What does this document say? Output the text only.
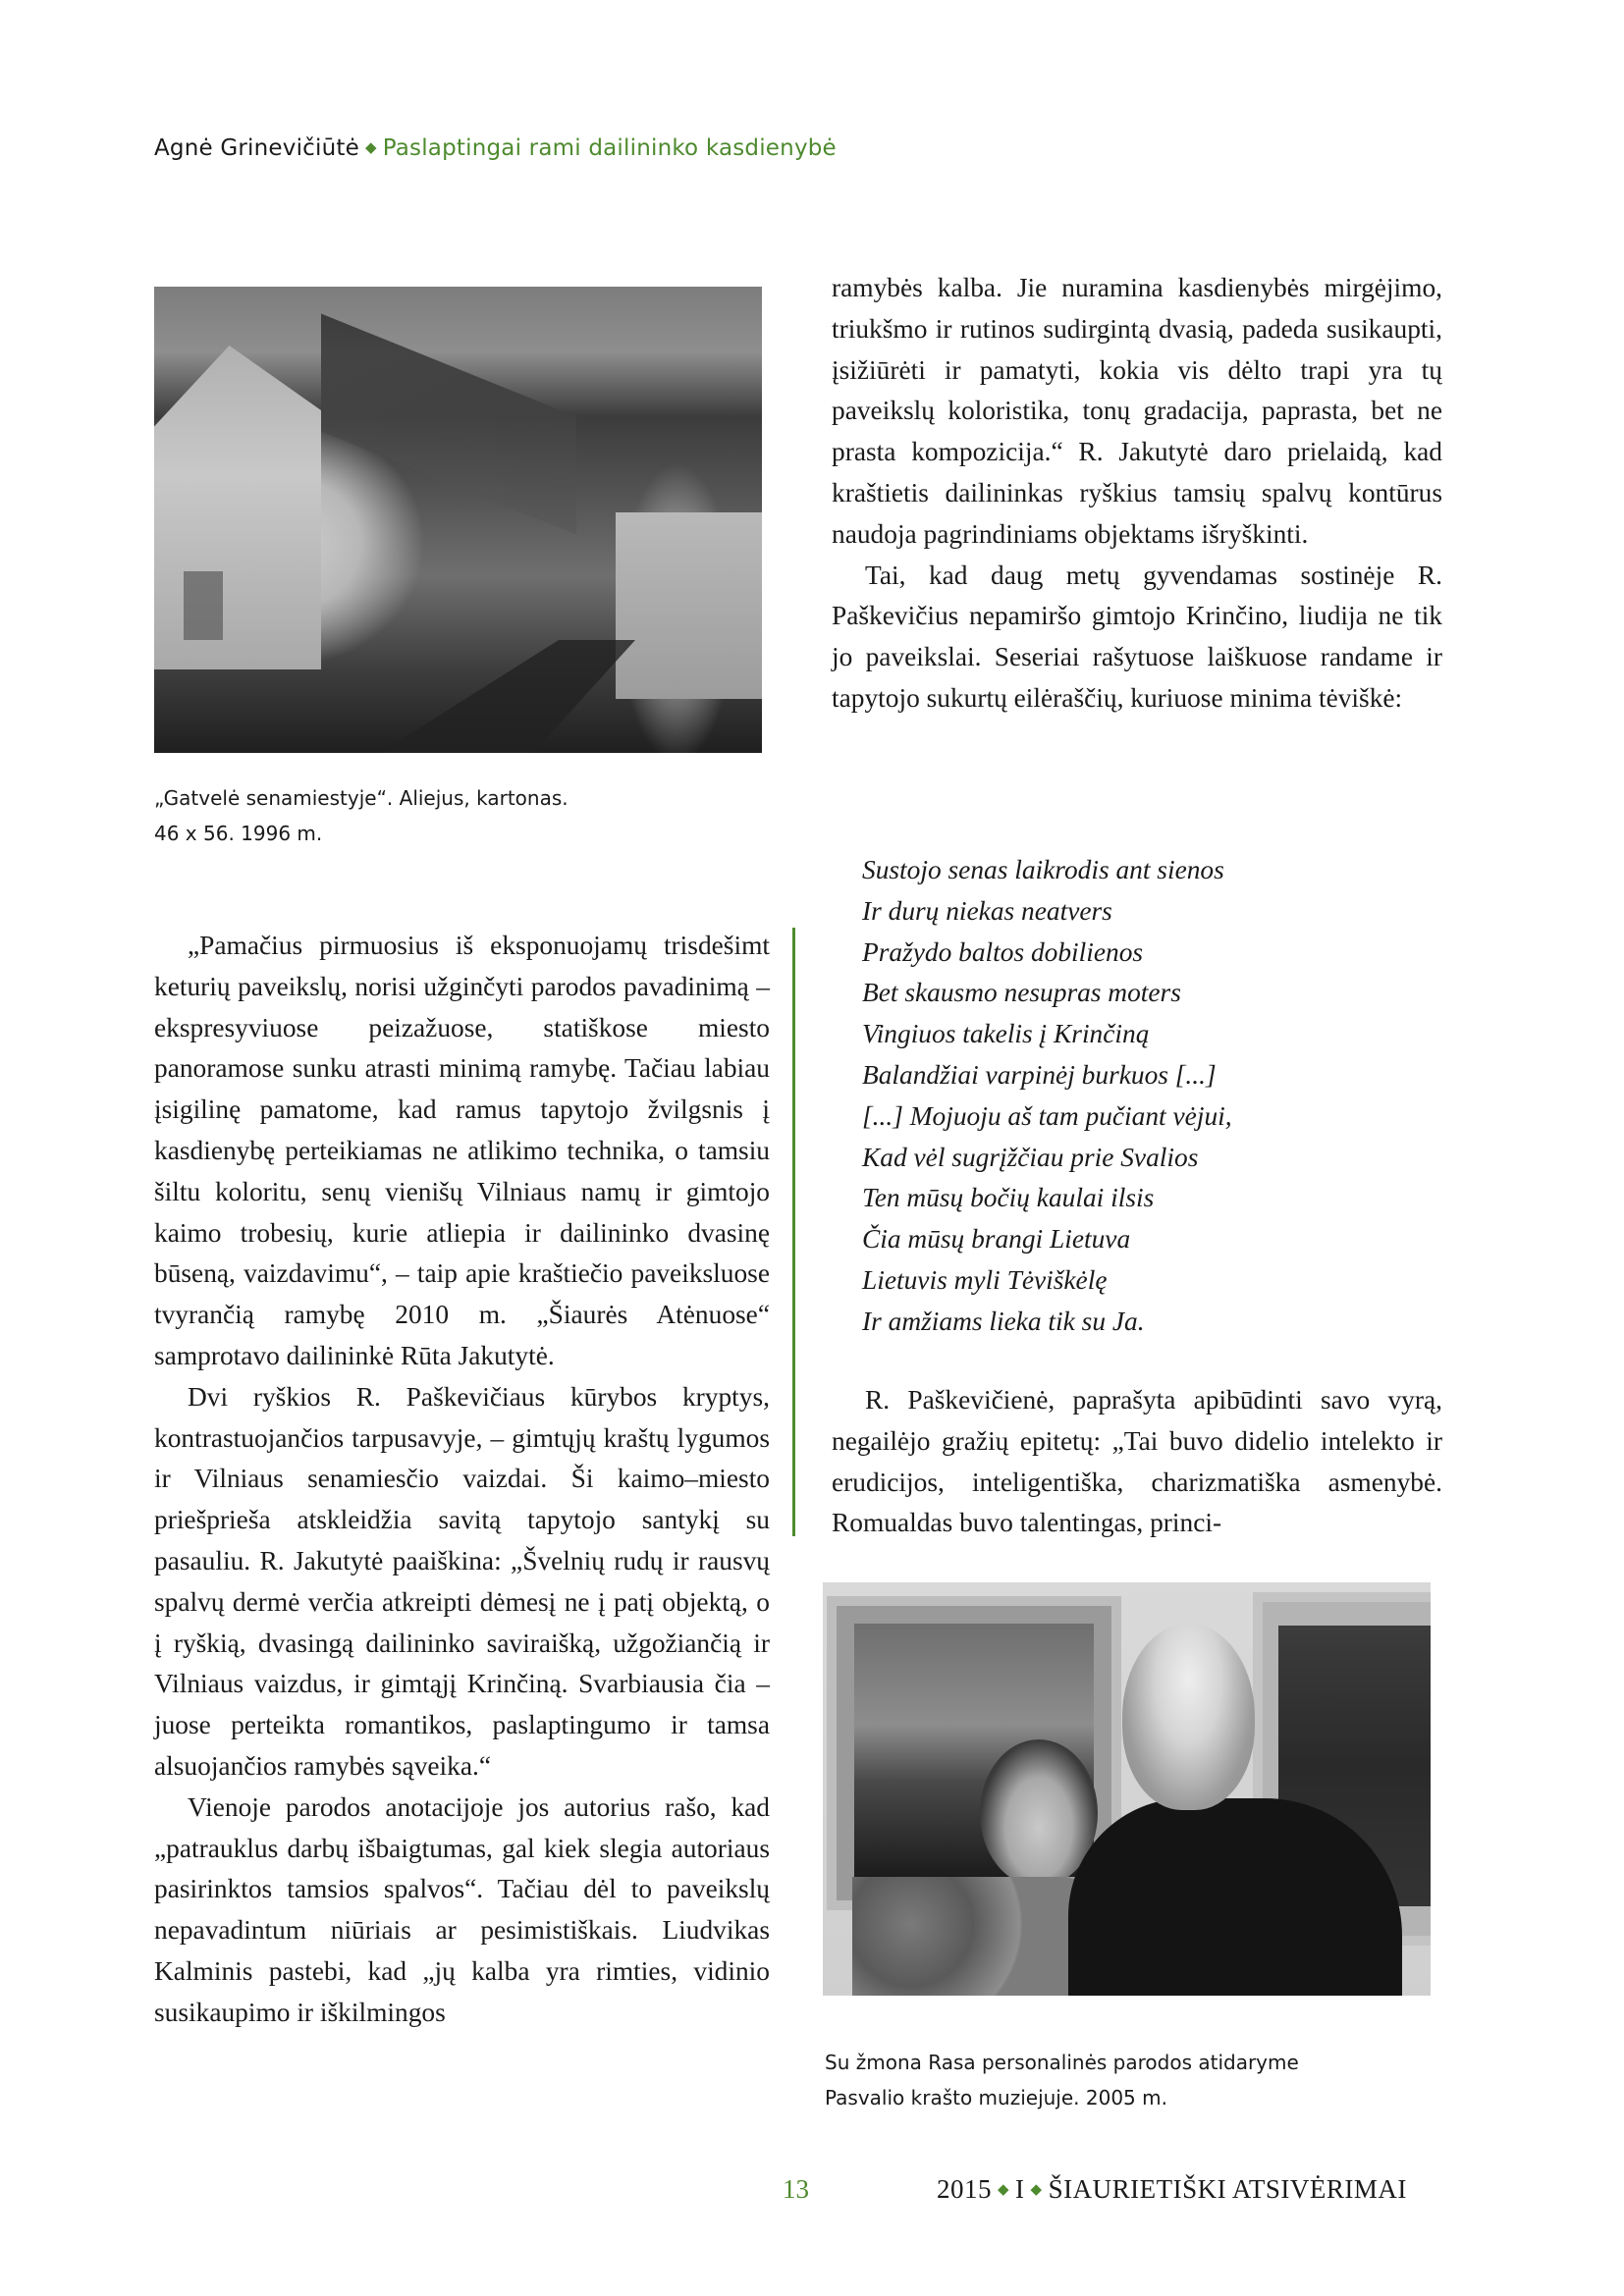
Agnė Grinevičiūtė ◆ Paslaptingai rami dailininko kasdienybė
„Gatvelė senamiestyje“. Aliejus, kartonas.
46 x 56. 1996 m.

„Pamačius pirmuosius iš eksponuojamų trisdešimt keturių paveikslų, norisi užginčyti parodos pavadinimą – ekspresyviuose peizažuose, statiškose miesto panoramose sunku atrasti minimą ramybę. Tačiau labiau įsigilinę pamatome, kad ramus tapytojo žvilgsnis į kasdienybę perteikiamas ne atlikimo technika, o tamsiu šiltu koloritu, senų vienišų Vilniaus namų ir gimtojo kaimo trobesių, kurie atliepia ir dailininko dvasinę būseną, vaizdavimu“, – taip apie kraštiečio paveiksluose tvyrančią ramybę 2010 m. „Šiaurės Atėnuose“ samprotavo dailininkė Rūta Jakutytė.

Dvi ryškios R. Paškevičiaus kūrybos kryptys, kontrastuojančios tarpusavyje, – gimtųjų kraštų lygumos ir Vilniaus senamiesčio vaizdai. Ši kaimo–miesto priešpriešа atskleidžia savitą tapytojo santykį su pasauliu. R. Jakutytė paaiškina: „Švelnių rudų ir rausvų spalvų dermė verčia atkreipti dėmesį ne į patį objektą, o į ryškią, dvasingą dailininko saviraišką, užgožiančią ir Vilniaus vaizdus, ir gimtąjį Krinčiną. Svarbiausia čia – juose perteikta romantikos, paslaptingumo ir tamsa alsuojančios ramybės sąveika.“

Vienoje parodos anotacijoje jos autorius rašo, kad „patrauklus darbų išbaigtumas, gal kiek slegia autoriaus pasirinktos tamsios spalvos“. Tačiau dėl to paveikslų nepavadintum niūriais ar pesimistiškais. Liudvikas Kalminis pastebi, kad „jų kalba yra rimties, vidinio susikaupimo ir iškilmingos

ramybės kalba. Jie nuramina kasdienybės mirgėjimo, triukšmo ir rutinos sudirgintą dvasią, padeda susikaupti, įsižiūrėti ir pamatyti, kokia vis dėlto trapi yra tų paveikslų koloristika, tonų gradacija, paprasta, bet ne prasta kompozicija.“ R. Jakutytė daro prielaidą, kad kraštietis dailininkas ryškius tamsių spalvų kontūrus naudoja pagrindiniams objektams išryškinti.

Tai, kad daug metų gyvendamas sostinėje R. Paškevičius nepamiršo gimtojo Krinčino, liudija ne tik jo paveikslai. Seseriai rašytuose laiškuose randame ir tapytojo sukurtų eilėraščių, kuriuose minima tėviškė:

Sustojo senas laikrodis ant sienos
Ir durų niekas neatvers
Pražydo baltos dobilienos
Bet skausmo nesupras moters
Vingiuos takelis į Krinčiną
Balandžiai varpinėj burkuos [...]
[...] Mojuoju aš tam pučiant vėjui,
Kad vėl sugrįžčiau prie Svalios
Ten mūsų bočių kaulai ilsis
Čia mūsų brangi Lietuva
Lietuvis myli Tėviškėlę
Ir amžiams lieka tik su Ja.

R. Paškevičienė, paprašyta apibūdinti savo vyrą, negailėjo gražių epitetų: „Tai buvo didelio intelekto ir erudicijos, inteligentiška, charizmatiška asmenybė. Romualdas buvo talentingas, princi-

Su žmona Rasa personalinės parodos atidaryme
Pasvalio krašto muziejuje. 2005 m.
13	2015 ◆ I ◆ ŠIAURIETIŠKI ATSIVĖRIMAI
